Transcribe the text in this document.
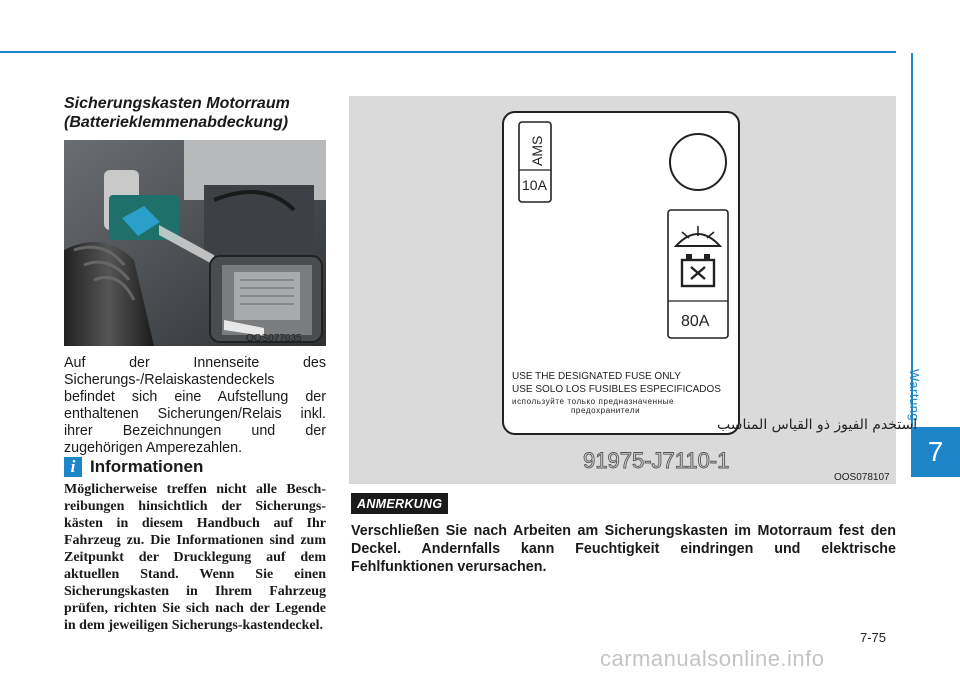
Wartung
7
Sicherungskasten Motorraum
(Batterieklemmenabdeckung)
OOS077035
Auf der Innenseite des Sicherungs-/Relaiskastendeckels befindet sich eine Aufstellung der enthaltenen Sicherungen/Relais inkl. ihrer Bezeichnungen und der zugehörigen Amperezahlen.
i Informationen
Möglicherweise treffen nicht alle Besch-reibungen hinsichtlich der Sicherungs-kästen in diesem Handbuch auf Ihr Fahrzeug zu. Die Informationen sind zum Zeitpunkt der Drucklegung auf dem aktuellen Stand. Wenn Sie einen Sicherungskasten in Ihrem Fahrzeug prüfen, richten Sie sich nach der Legende in dem jeweiligen Sicherungs-kastendeckel.
AMS
10A
80A
USE THE DESIGNATED FUSE ONLY
USE SOLO LOS FUSIBLES ESPECIFICADOS
используйте только предназначенные
предохранители
استخدم الفيوز ذو القياس المناسب
91975-J7110-1
OOS078107
ANMERKUNG
Verschließen Sie nach Arbeiten am Sicherungskasten im Motorraum fest den Deckel. Andernfalls kann Feuchtigkeit eindringen und elektrische Fehlfunktionen verursachen.
7-75
carmanualsonline.info
